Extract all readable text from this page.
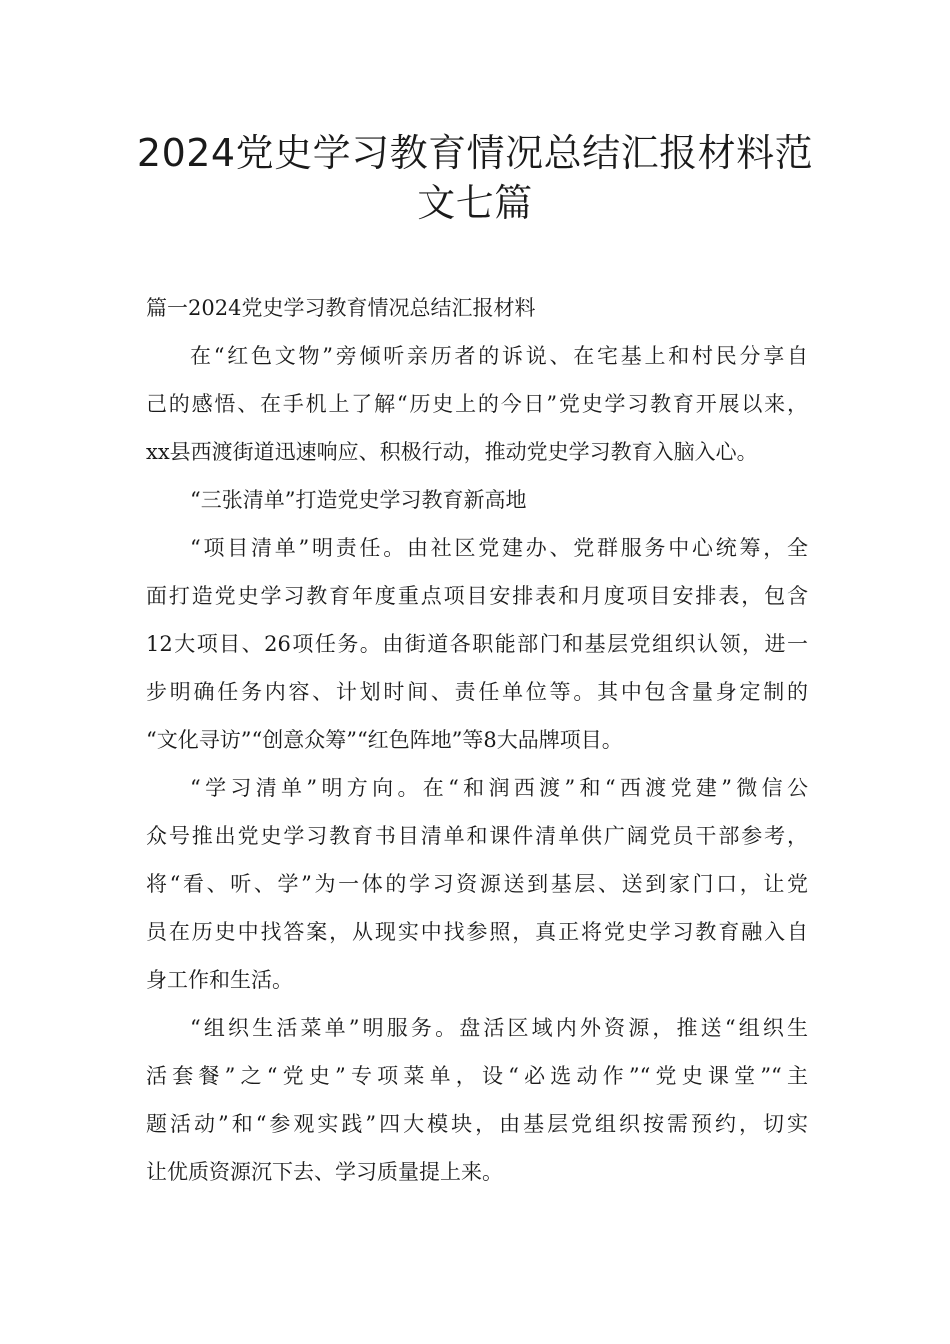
2024党史学习教育情况总结汇报材料范
文七篇
篇一2024党史学习教育情况总结汇报材料
在“红色文物”旁倾听亲历者的诉说、在宅基上和村民分享自
己的感悟、在手机上了解“历史上的今日”党史学习教育开展以来，
xx县西渡街道迅速响应、积极行动，推动党史学习教育入脑入心。
“三张清单”打造党史学习教育新高地
“项目清单”明责任。由社区党建办、党群服务中心统筹，全
面打造党史学习教育年度重点项目安排表和月度项目安排表，包含
12大项目、26项任务。由街道各职能部门和基层党组织认领，进一
步明确任务内容、计划时间、责任单位等。其中包含量身定制的
“文化寻访”“创意众筹”“红色阵地”等8大品牌项目。
“学习清单”明方向。在“和润西渡”和“西渡党建”微信公
众号推出党史学习教育书目清单和课件清单供广阔党员干部参考，
将“看、听、学”为一体的学习资源送到基层、送到家门口，让党
员在历史中找答案，从现实中找参照，真正将党史学习教育融入自
身工作和生活。
“组织生活菜单”明服务。盘活区域内外资源，推送“组织生
活套餐”之“党史”专项菜单，设“必选动作”“党史课堂”“主
题活动”和“参观实践”四大模块，由基层党组织按需预约，切实
让优质资源沉下去、学习质量提上来。
